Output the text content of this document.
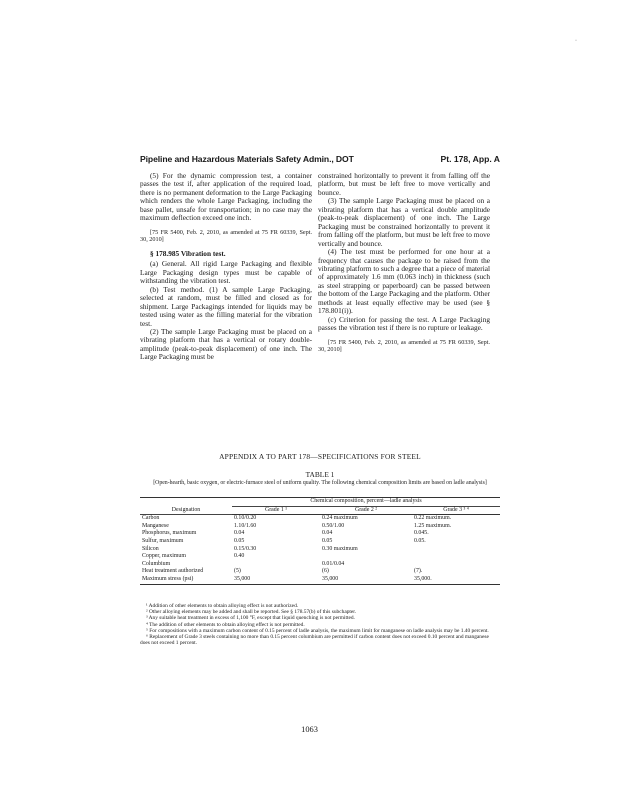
·
Pipeline and Hazardous Materials Safety Admin., DOT	Pt. 178, App. A

(5) For the dynamic compression test, a container passes the test if, after application of the required load, there is no permanent deformation to the Large Packaging which renders the whole Large Packaging, including the base pallet, unsafe for transportation; in no case may the maximum deflection exceed one inch.

[75 FR 5400, Feb. 2, 2010, as amended at 75 FR 60339, Sept. 30, 2010]

§ 178.985 Vibration test.

(a) General. All rigid Large Packaging and flexible Large Packaging design types must be capable of withstanding the vibration test.

(b) Test method. (1) A sample Large Packaging, selected at random, must be filled and closed as for shipment. Large Packagings intended for liquids may be tested using water as the filling material for the vibration test.

(2) The sample Large Packaging must be placed on a vibrating platform that has a vertical or rotary double-amplitude (peak-to-peak displacement) of one inch. The Large Packaging must be

constrained horizontally to prevent it from falling off the platform, but must be left free to move vertically and bounce.

(3) The sample Large Packaging must be placed on a vibrating platform that has a vertical double amplitude (peak-to-peak displacement) of one inch. The Large Packaging must be constrained horizontally to prevent it from falling off the platform, but must be left free to move vertically and bounce.

(4) The test must be performed for one hour at a frequency that causes the package to be raised from the vibrating platform to such a degree that a piece of material of approximately 1.6 mm (0.063 inch) in thickness (such as steel strapping or paperboard) can be passed between the bottom of the Large Packaging and the platform. Other methods at least equally effective may be used (see § 178.801(i)).

(c) Criterion for passing the test. A Large Packaging passes the vibration test if there is no rupture or leakage.

[75 FR 5400, Feb. 2, 2010, as amended at 75 FR 60339, Sept. 30, 2010]

APPENDIX A TO PART 178—SPECIFICATIONS FOR STEEL
TABLE 1
[Open-hearth, basic oxygen, or electric-furnace steel of uniform quality. The following chemical composition limits are based on ladle analysis]
Designation	Chemical composition, percent—ladle analysis		
	Grade 1 ¹	Grade 2 ²	Grade 3 ³ ⁴
Carbon	0.10/0.20	0.24 maximum	0.22 maximum.
Manganese	1.10/1.60	0.50/1.00	1.25 maximum.
Phosphorus, maximum	0.04	0.04	0.045.
Sulfur, maximum	0.05	0.05	0.05.
Silicon	0.15/0.30	0.30 maximum	
Copper, maximum	0.40		
Columbium		0.01/0.04	
Heat treatment authorized	(5)	(6)	(7).
Maximum stress (psi)	35,000	35,000	35,000.

¹ Addition of other elements to obtain alloying effect is not authorized.

² Other alloying elements may be added and shall be reported. See § 178.57(b) of this subchapter.

³ Any suitable heat treatment in excess of 1,100 °F, except that liquid quenching is not permitted.

⁴ The addition of other elements to obtain alloying effect is not permitted.

⁵ For compositions with a maximum carbon content of 0.15 percent of ladle analysis, the maximum limit for manganese on ladle analysis may be 1.40 percent.

⁶ Replacement of Grade 3 steels containing no more than 0.15 percent columbium are permitted if carbon content does not exceed 0.10 percent and manganese does not exceed 1 percent.

1063
